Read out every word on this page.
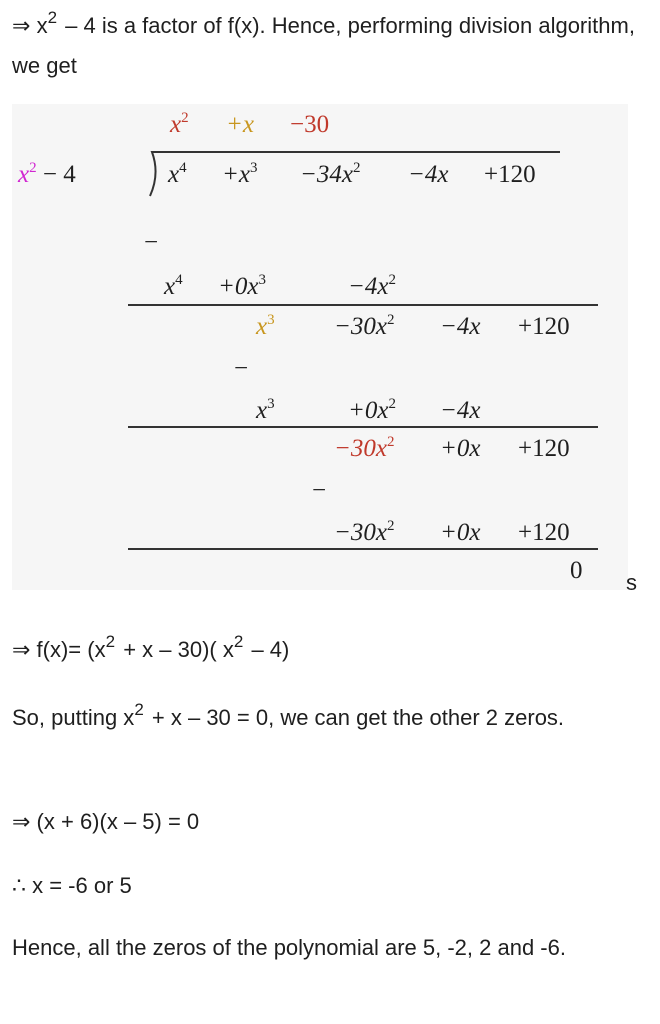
⇒ $x^2 - 4$ is a factor of f(x). Hence, performing division algorithm, we get
$x^2 +x -30$
$x^2 - 4$	$x^4 +x^3 -34x^2 -4x +120$
−
$x^4 +0x^3$	$-4x^2$
$x^3 -30x^2 -4x +120$
−
$x^3$	$+0x^2 -4x$
$-30x^2 +0x +120$
−
$-30x^2 +0x +120$
0 s
⇒ $f(x)= (x^2 + x - 30)$( $x^2 - 4$)
So, putting $x^2 + x - 30 = 0$, we can get the other 2 zeros.
⇒ (x + 6)(x – 5) = 0
∴ x = -6 or 5
Hence, all the zeros of the polynomial are 5, -2, 2 and -6.
